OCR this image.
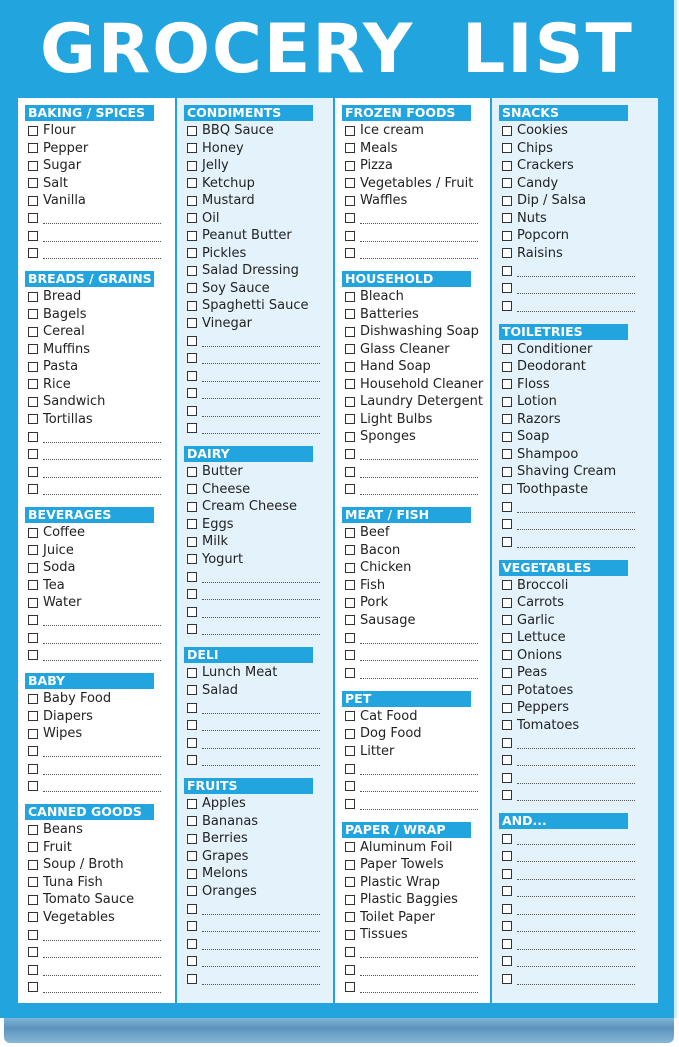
GROCERY LIST
BAKING / SPICES
Flour
Pepper
Sugar
Salt
Vanilla
BREADS / GRAINS
Bread
Bagels
Cereal
Muffins
Pasta
Rice
Sandwich
Tortillas
BEVERAGES
Coffee
Juice
Soda
Tea
Water
BABY
Baby Food
Diapers
Wipes
CANNED GOODS
Beans
Fruit
Soup / Broth
Tuna Fish
Tomato Sauce
Vegetables
CONDIMENTS
BBQ Sauce
Honey
Jelly
Ketchup
Mustard
Oil
Peanut Butter
Pickles
Salad Dressing
Soy Sauce
Spaghetti Sauce
Vinegar
DAIRY
Butter
Cheese
Cream Cheese
Eggs
Milk
Yogurt
DELI
Lunch Meat
Salad
FRUITS
Apples
Bananas
Berries
Grapes
Melons
Oranges
FROZEN FOODS
Ice cream
Meals
Pizza
Vegetables / Fruit
Waffles
HOUSEHOLD
Bleach
Batteries
Dishwashing Soap
Glass Cleaner
Hand Soap
Household Cleaner
Laundry Detergent
Light Bulbs
Sponges
MEAT / FISH
Beef
Bacon
Chicken
Fish
Pork
Sausage
PET
Cat Food
Dog Food
Litter
PAPER / WRAP
Aluminum Foil
Paper Towels
Plastic Wrap
Plastic Baggies
Toilet Paper
Tissues
SNACKS
Cookies
Chips
Crackers
Candy
Dip / Salsa
Nuts
Popcorn
Raisins
TOILETRIES
Conditioner
Deodorant
Floss
Lotion
Razors
Soap
Shampoo
Shaving Cream
Toothpaste
VEGETABLES
Broccoli
Carrots
Garlic
Lettuce
Onions
Peas
Potatoes
Peppers
Tomatoes
AND...
